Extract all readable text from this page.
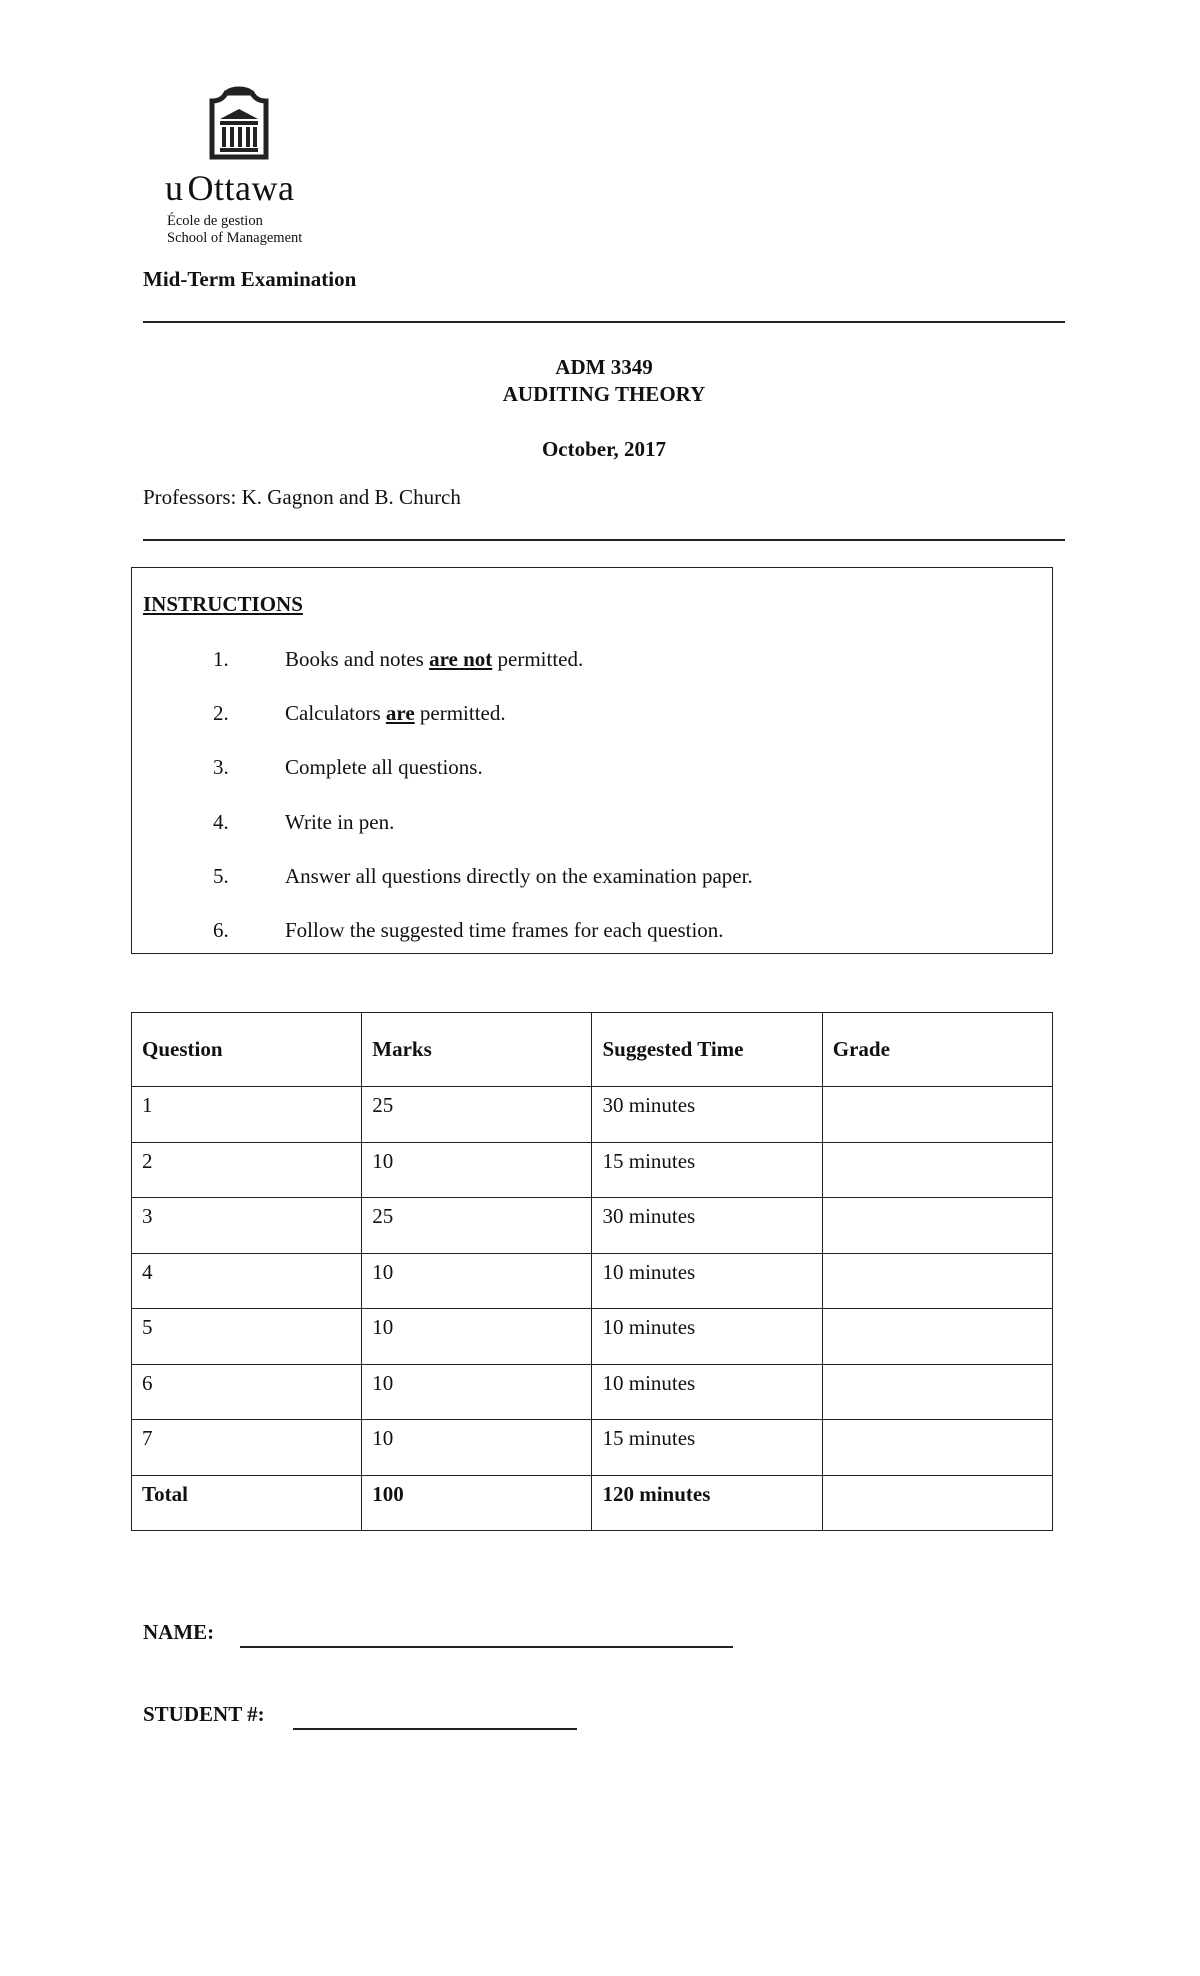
u Ottawa
École de gestion
School of Management
Mid-Term Examination
ADM 3349
AUDITING THEORY
October, 2017
Professors: K. Gagnon and B. Church
INSTRUCTIONS
1.	Books and notes are not permitted.
2.	Calculators are permitted.
3.	Complete all questions.
4.	Write in pen.
5.	Answer all questions directly on the examination paper.
6.	Follow the suggested time frames for each question.
Question	Marks	Suggested Time	Grade
1	25	30 minutes	
2	10	15 minutes	
3	25	30 minutes	
4	10	10 minutes	
5	10	10 minutes	
6	10	10 minutes	
7	10	15 minutes	
Total	100	120 minutes	
NAME:
STUDENT #:
